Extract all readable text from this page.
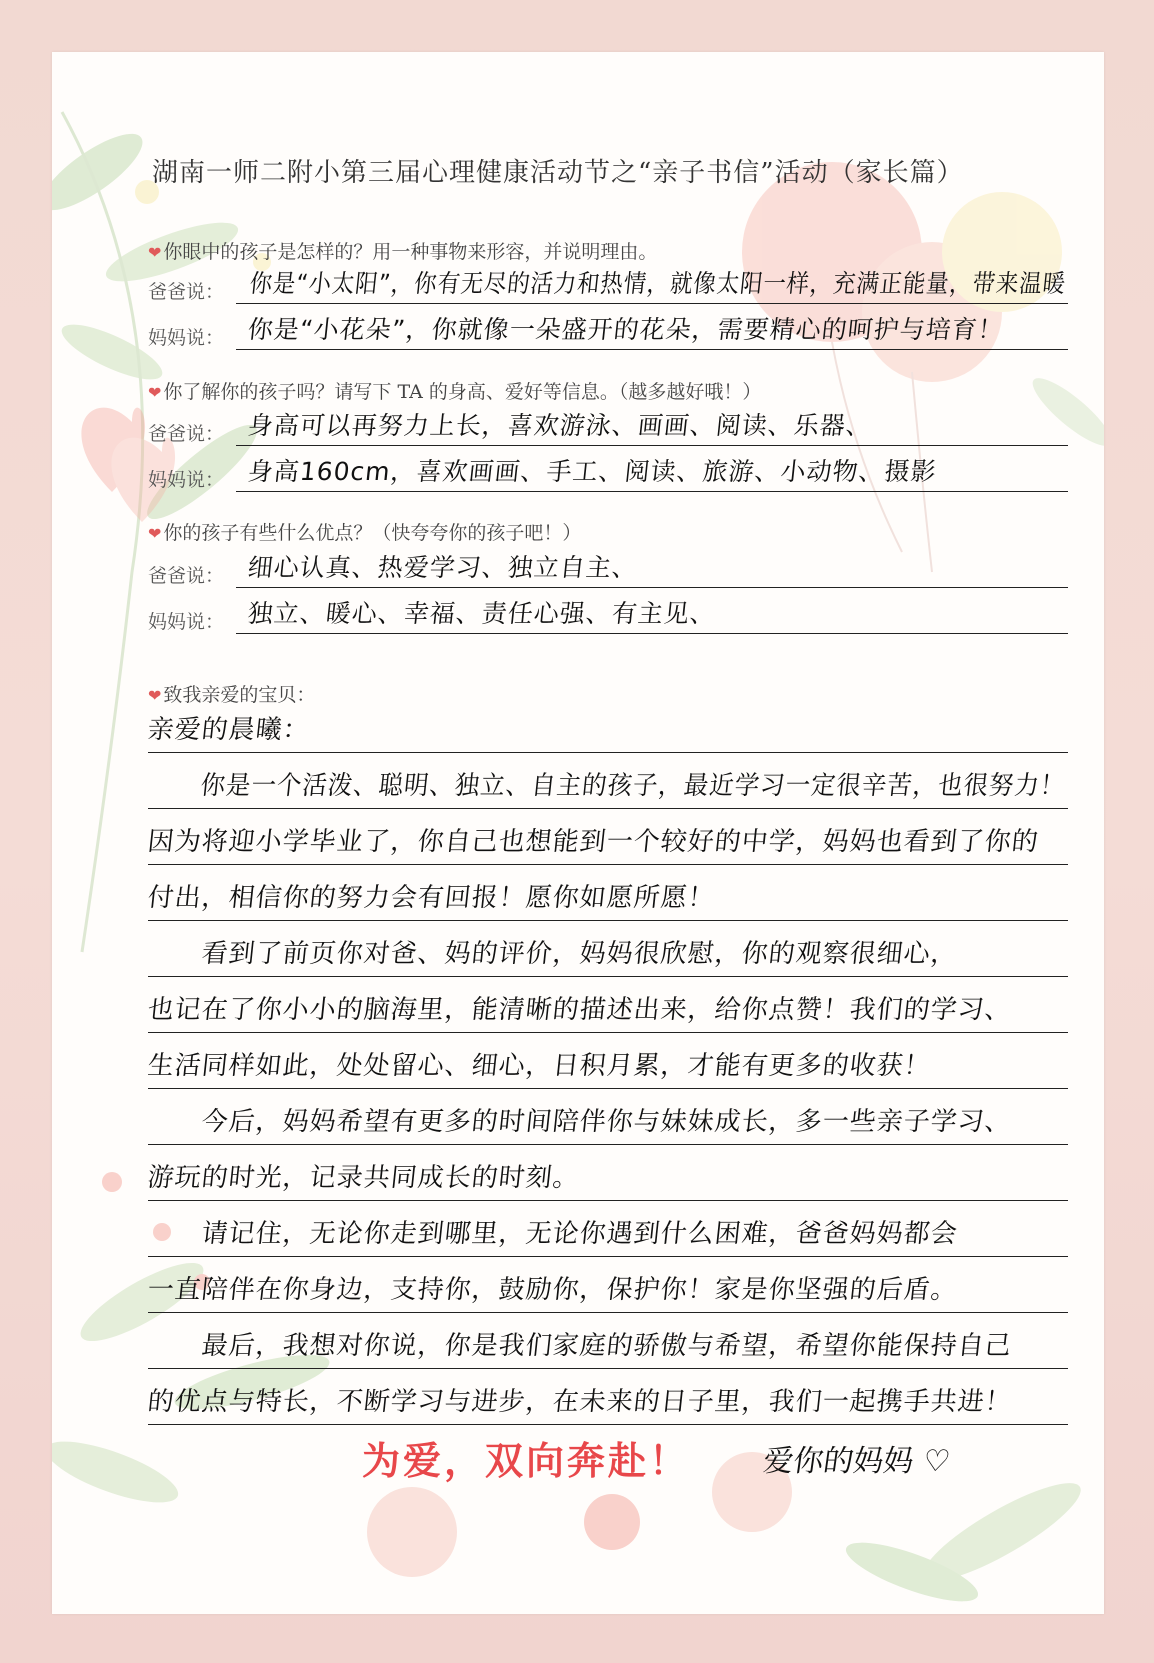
湖南一师二附小第三届心理健康活动节之“亲子书信”活动（家长篇）
❤ 你眼中的孩子是怎样的？用一种事物来形容，并说明理由。
爸爸说： 你是“小太阳”，你有无尽的活力和热情，就像太阳一样，充满正能量，带来温暖
妈妈说： 你是“小花朵”，你就像一朵盛开的花朵，需要精心的呵护与培育！
❤ 你了解你的孩子吗？请写下 TA 的身高、爱好等信息。（越多越好哦！）
爸爸说： 身高可以再努力上长，喜欢游泳、画画、阅读、乐器、
妈妈说： 身高160cm，喜欢画画、手工、阅读、旅游、小动物、摄影
❤ 你的孩子有些什么优点？（快夸夸你的孩子吧！）
爸爸说： 细心认真、热爱学习、独立自主、
妈妈说： 独立、暖心、幸福、责任心强、有主见、
❤ 致我亲爱的宝贝：
亲爱的晨曦：
　　你是一个活泼、聪明、独立、自主的孩子，最近学习一定很辛苦，也很努力！
因为将迎小学毕业了，你自己也想能到一个较好的中学，妈妈也看到了你的
付出，相信你的努力会有回报！愿你如愿所愿！
　　看到了前页你对爸、妈的评价，妈妈很欣慰，你的观察很细心，
也记在了你小小的脑海里，能清晰的描述出来，给你点赞！我们的学习、
生活同样如此，处处留心、细心，日积月累，才能有更多的收获！
　　今后，妈妈希望有更多的时间陪伴你与妹妹成长，多一些亲子学习、
游玩的时光，记录共同成长的时刻。
　　请记住，无论你走到哪里，无论你遇到什么困难，爸爸妈妈都会
一直陪伴在你身边，支持你，鼓励你，保护你！家是你坚强的后盾。
　　最后，我想对你说，你是我们家庭的骄傲与希望，希望你能保持自己
的优点与特长，不断学习与进步，在未来的日子里，我们一起携手共进！
为爱，双向奔赴！ 爱你的妈妈 ♡
